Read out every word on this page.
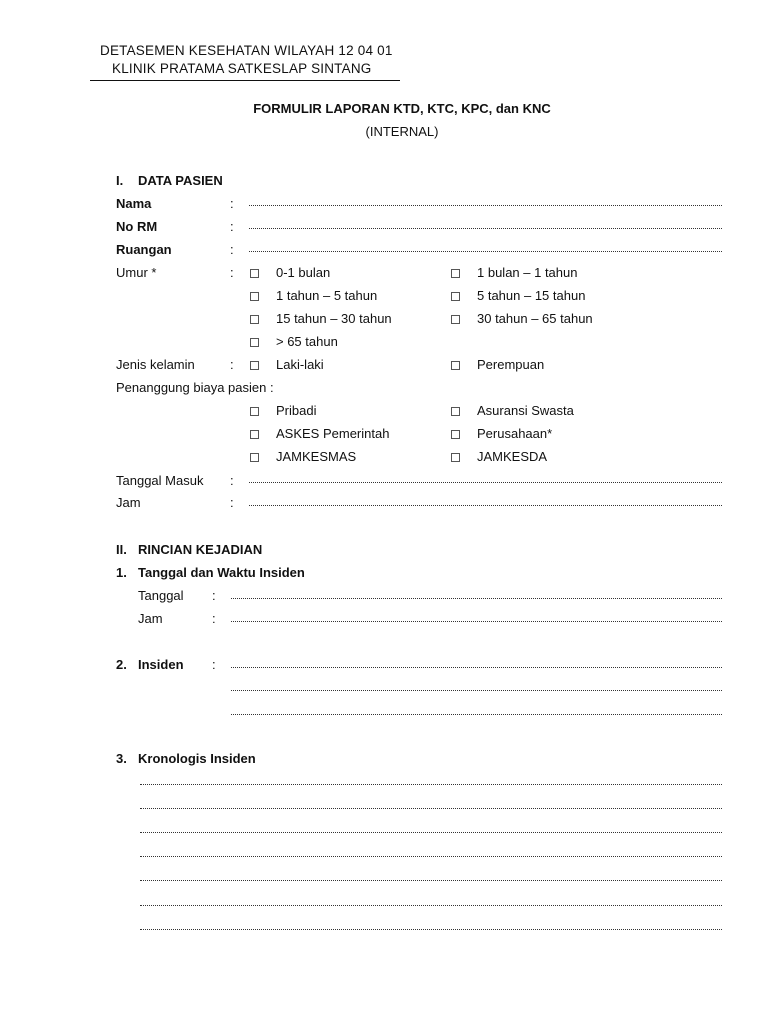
DETASEMEN KESEHATAN WILAYAH 12 04 01
KLINIK PRATAMA SATKESLAP SINTANG
FORMULIR LAPORAN KTD, KTC, KPC, dan KNC
(INTERNAL)
I. DATA PASIEN
Nama	:
No RM	:
Ruangan	:
Umur *	:	0-1 bulan	1 bulan – 1 tahun
1 tahun – 5 tahun	5 tahun – 15 tahun
15 tahun – 30 tahun	30 tahun – 65 tahun
> 65 tahun
Jenis kelamin	:	Laki-laki	Perempuan
Penanggung biaya pasien :
Pribadi	Asuransi Swasta
ASKES Pemerintah	Perusahaan*
JAMKESMAS	JAMKESDA
Tanggal Masuk :
Jam	:
II. RINCIAN KEJADIAN
1. Tanggal dan Waktu Insiden
Tanggal :
Jam	:
2. Insiden :
3. Kronologis Insiden
